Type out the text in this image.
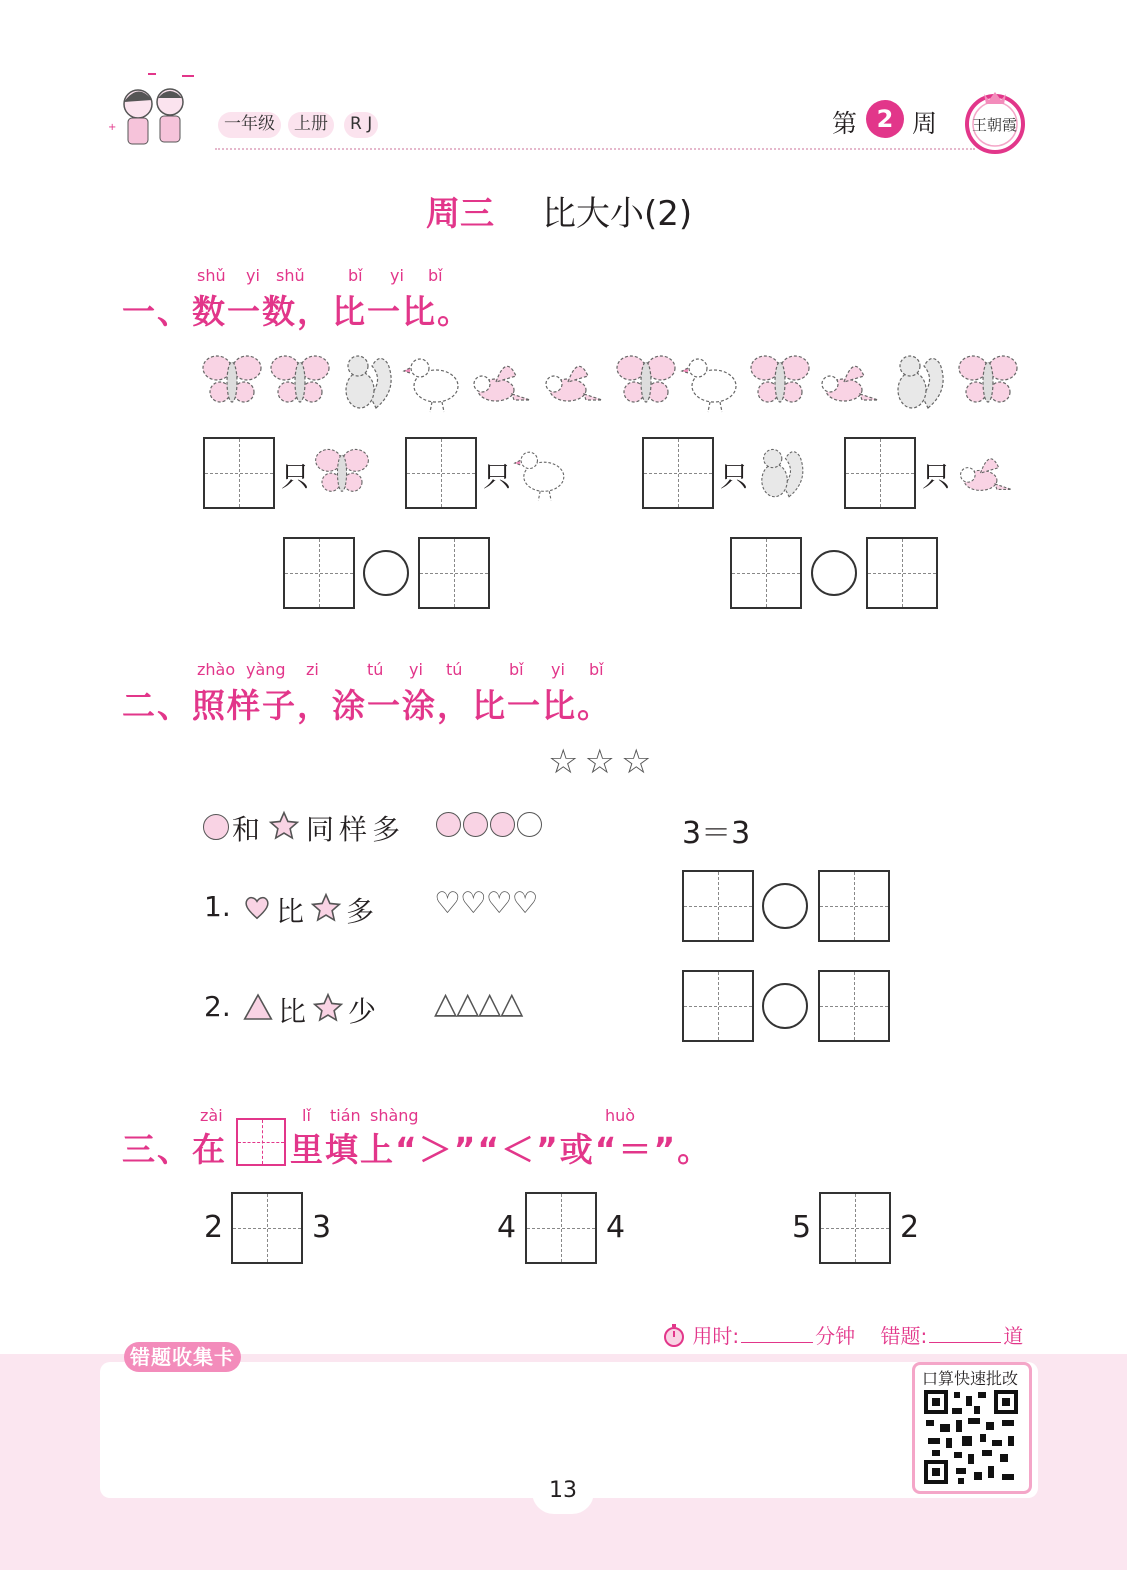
+	一年级	上册	R J	第 2 周 王朝霞
周三 比大小(2)
shǔ yi shǔ	bǐ yi bǐ
一、数一数，比一比。
只	只	只	只
zhào yàng zi	tú yi tú	bǐ yi bǐ
二、照样子，涂一涂，比一比。
☆☆☆
和 同样多	3＝3
1. 比 多 ♡♡♡♡
2. 比 少 △△△△
zài	lǐ tián shàng	huò
三、在 里填上“＞”“＜”或“＝”。
2	3	4	4	5	2
错题收集卡
用时:	分钟 错题:	道
口算快速批改
13
